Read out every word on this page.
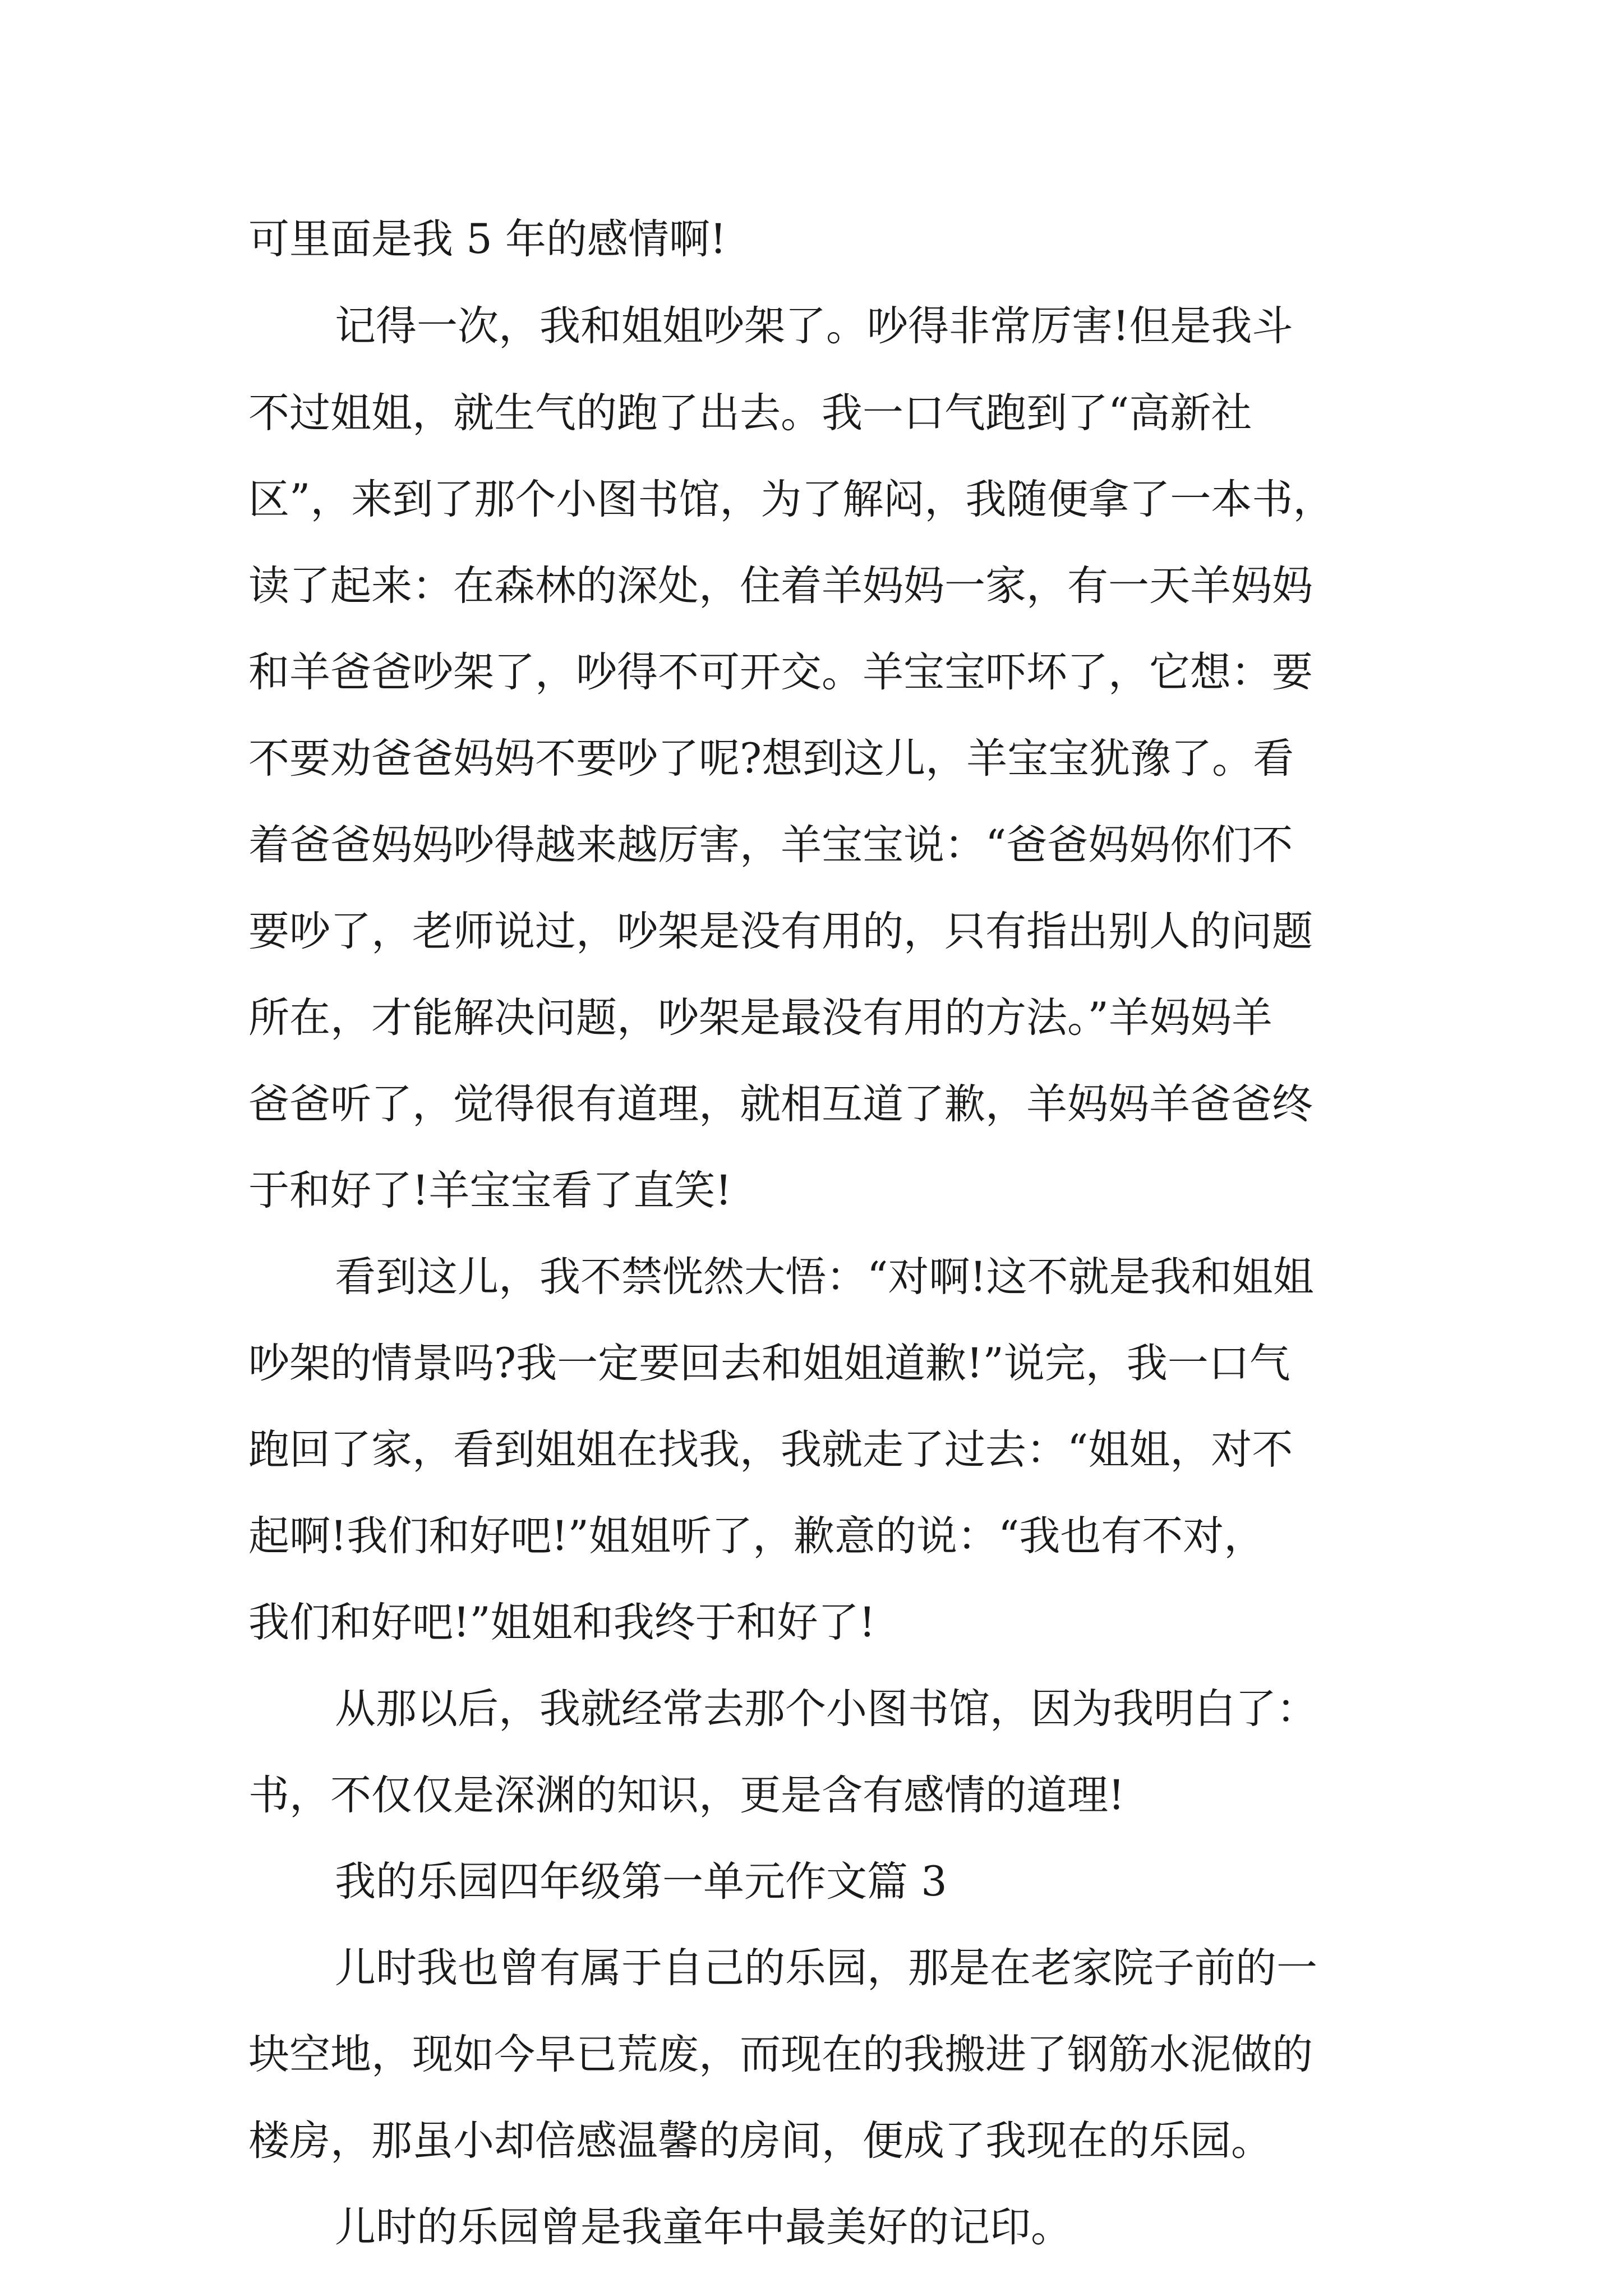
可里面是我 5 年的感情啊!

记得一次，我和姐姐吵架了。吵得非常厉害!但是我斗

不过姐姐，就生气的跑了出去。我一口气跑到了“高新社

区”，来到了那个小图书馆，为了解闷，我随便拿了一本书，

读了起来：在森林的深处，住着羊妈妈一家，有一天羊妈妈

和羊爸爸吵架了，吵得不可开交。羊宝宝吓坏了，它想：要

不要劝爸爸妈妈不要吵了呢?想到这儿，羊宝宝犹豫了。看

着爸爸妈妈吵得越来越厉害，羊宝宝说：“爸爸妈妈你们不

要吵了，老师说过，吵架是没有用的，只有指出别人的问题

所在，才能解决问题，吵架是最没有用的方法。”羊妈妈羊

爸爸听了，觉得很有道理，就相互道了歉，羊妈妈羊爸爸终

于和好了!羊宝宝看了直笑!

看到这儿，我不禁恍然大悟：“对啊!这不就是我和姐姐

吵架的情景吗?我一定要回去和姐姐道歉!”说完，我一口气

跑回了家，看到姐姐在找我，我就走了过去：“姐姐，对不

起啊!我们和好吧!”姐姐听了，歉意的说：“我也有不对，

我们和好吧!”姐姐和我终于和好了!

从那以后，我就经常去那个小图书馆，因为我明白了：

书，不仅仅是深渊的知识，更是含有感情的道理!

我的乐园四年级第一单元作文篇 3

儿时我也曾有属于自己的乐园，那是在老家院子前的一

块空地，现如今早已荒废，而现在的我搬进了钢筋水泥做的

楼房，那虽小却倍感温馨的房间，便成了我现在的乐园。

儿时的乐园曾是我童年中最美好的记印。
